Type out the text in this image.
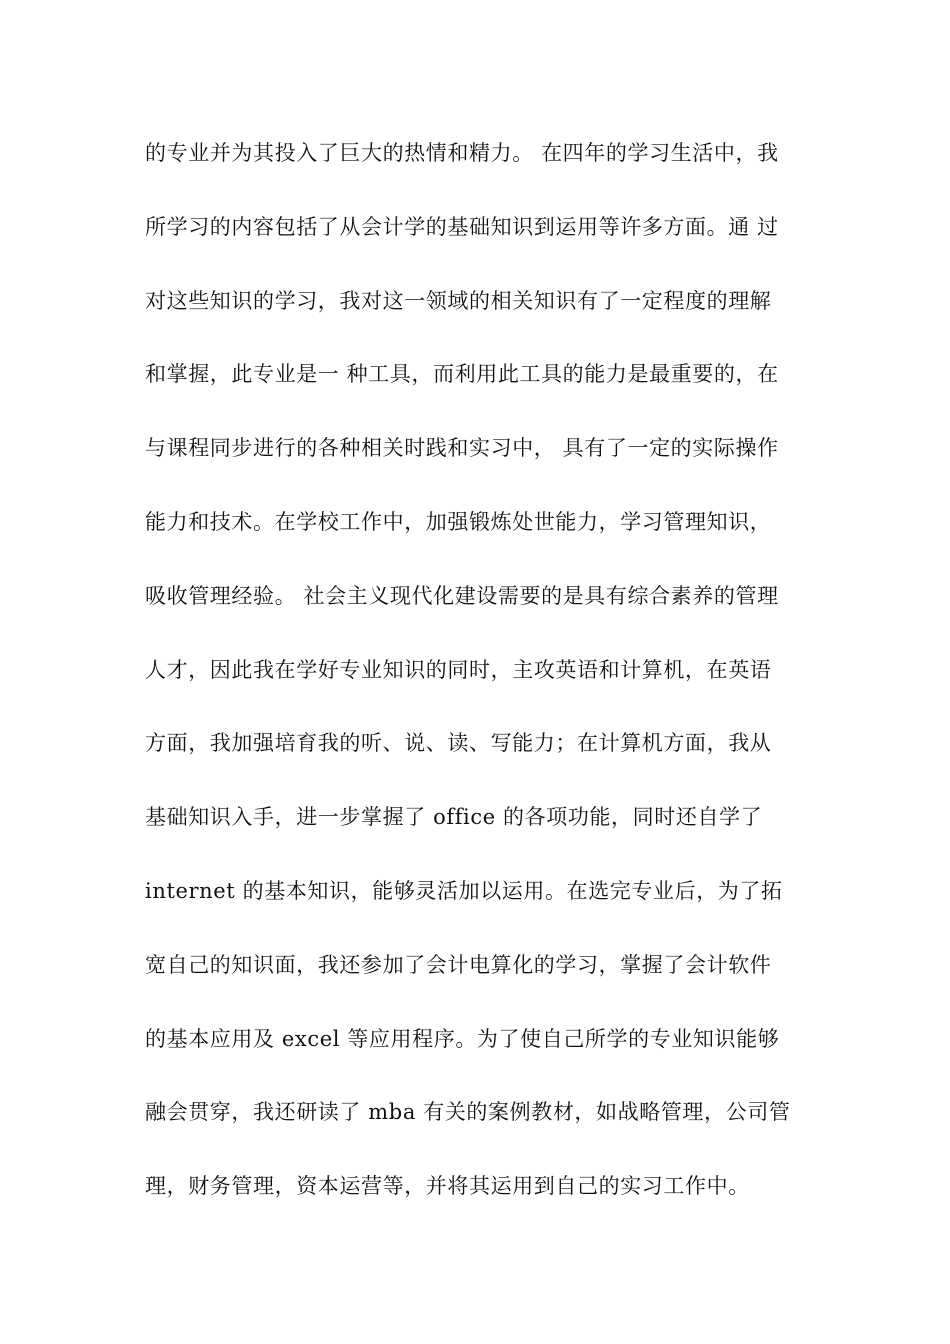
的专业并为其投入了巨大的热情和精力。 在四年的学习生活中，我
所学习的内容包括了从会计学的基础知识到运用等许多方面。通 过
对这些知识的学习，我对这一领域的相关知识有了一定程度的理解
和掌握，此专业是一 种工具，而利用此工具的能力是最重要的，在
与课程同步进行的各种相关时践和实习中， 具有了一定的实际操作
能力和技术。在学校工作中，加强锻炼处世能力，学习管理知识，
吸收管理经验。 社会主义现代化建设需要的是具有综合素养的管理
人才，因此我在学好专业知识的同时，主攻英语和计算机，在英语
方面，我加强培育我的听、说、读、写能力；在计算机方面，我从
基础知识入手，进一步掌握了 office 的各项功能，同时还自学了
internet 的基本知识，能够灵活加以运用。在选完专业后，为了拓
宽自己的知识面，我还参加了会计电算化的学习，掌握了会计软件
的基本应用及 excel 等应用程序。为了使自己所学的专业知识能够
融会贯穿，我还研读了 mba 有关的案例教材，如战略管理，公司管
理，财务管理，资本运营等，并将其运用到自己的实习工作中。
